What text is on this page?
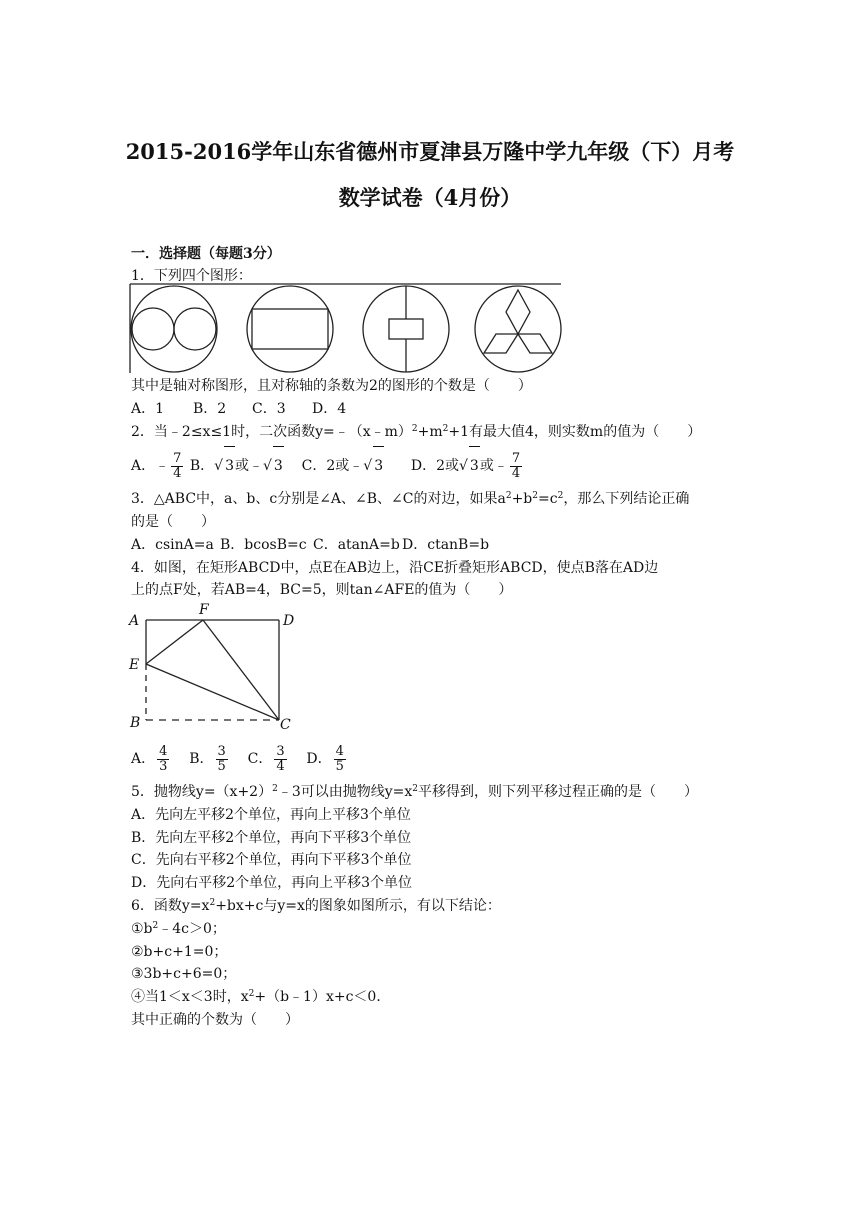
2015-2016学年山东省德州市夏津县万隆中学九年级（下）月考
数学试卷（4月份）
一．选择题（每题3分）
1．下列四个图形：
其中是轴对称图形，且对称轴的条数为2的图形的个数是（　　）
A．1 B．2 C．3 D．4
2．当﹣2≤x≤1时，二次函数$y=﹣(x﹣m)^2+m^2+1$有最大值4，则实数m的值为（　　）
A．﹣ $\frac{7}{4}$ B．√ 3或﹣√ 3 C．2或﹣√ 3 D．2或√ 3或﹣ $\frac{7}{4}$
3．△ABC中，a、b、c分别是∠A、∠B、∠C的对边，如果$a^2+b^2=c^2$，那么下列结论正确
的是（　　）
A．csinA=a B．bcosB=c C．atanA=b D．ctanB=b
4．如图，在矩形ABCD中，点E在AB边上，沿CE折叠矩形ABCD，使点B落在AD边
上的点F处，若AB=4，BC=5，则tan∠AFE的值为（　　）
A
F
D
E
B	C
A． $\frac{4}{3}$ B． $\frac{3}{5}$ C． $\frac{3}{4}$ D． $\frac{4}{5}$
5．抛物线$y=(x+2)^2﹣3$可以由抛物线$y=x^2$平移得到，则下列平移过程正确的是（　　）
A．先向左平移2个单位，再向上平移3个单位
B．先向左平移2个单位，再向下平移3个单位
C．先向右平移2个单位，再向下平移3个单位
D．先向右平移2个单位，再向上平移3个单位
6．函数$y=x^2+bx+c$与y=x的图象如图所示，有以下结论：
$①b^2﹣4c>0$；
②b+c+1=0；
③3b+c+6=0；
④当1＜x＜3时，$x^2+(b﹣1)x+c<0$．
其中正确的个数为（　　）
